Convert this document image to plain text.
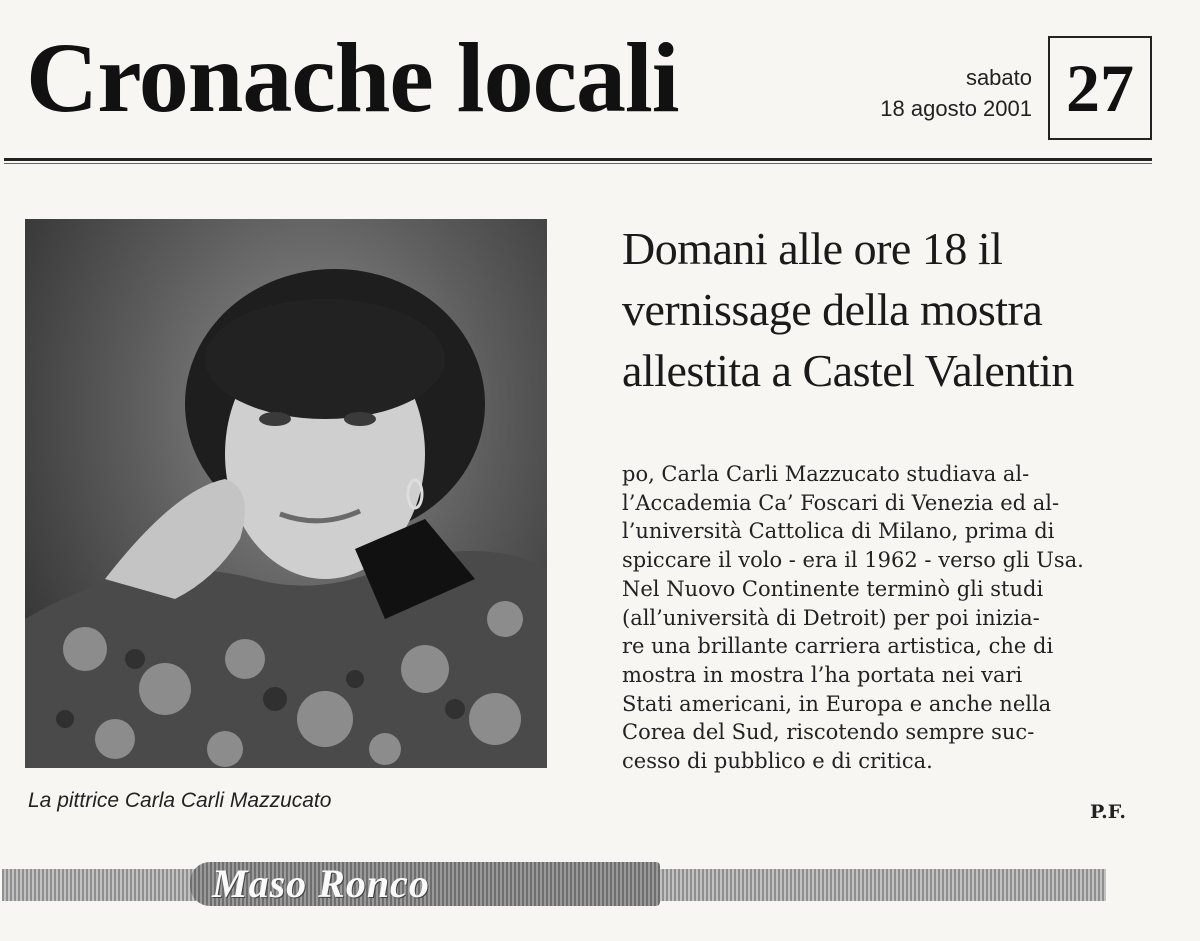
Cronache locali	sabato
18 agosto 2001 27
La pittrice Carla Carli Mazzucato
Domani alle ore 18 il vernissage della mostra allestita a Castel Valentin
po, Carla Carli Mazzucato studiava al-
l’Accademia Ca’ Foscari di Venezia ed al-
l’università Cattolica di Milano, prima di
spiccare il volo - era il 1962 - verso gli Usa.
Nel Nuovo Continente terminò gli studi
(all’università di Detroit) per poi inizia-
re una brillante carriera artistica, che di
mostra in mostra l’ha portata nei vari
Stati americani, in Europa e anche nella
Corea del Sud, riscotendo sempre suc-
cesso di pubblico e di critica.
P.F.
Maso Ronco
